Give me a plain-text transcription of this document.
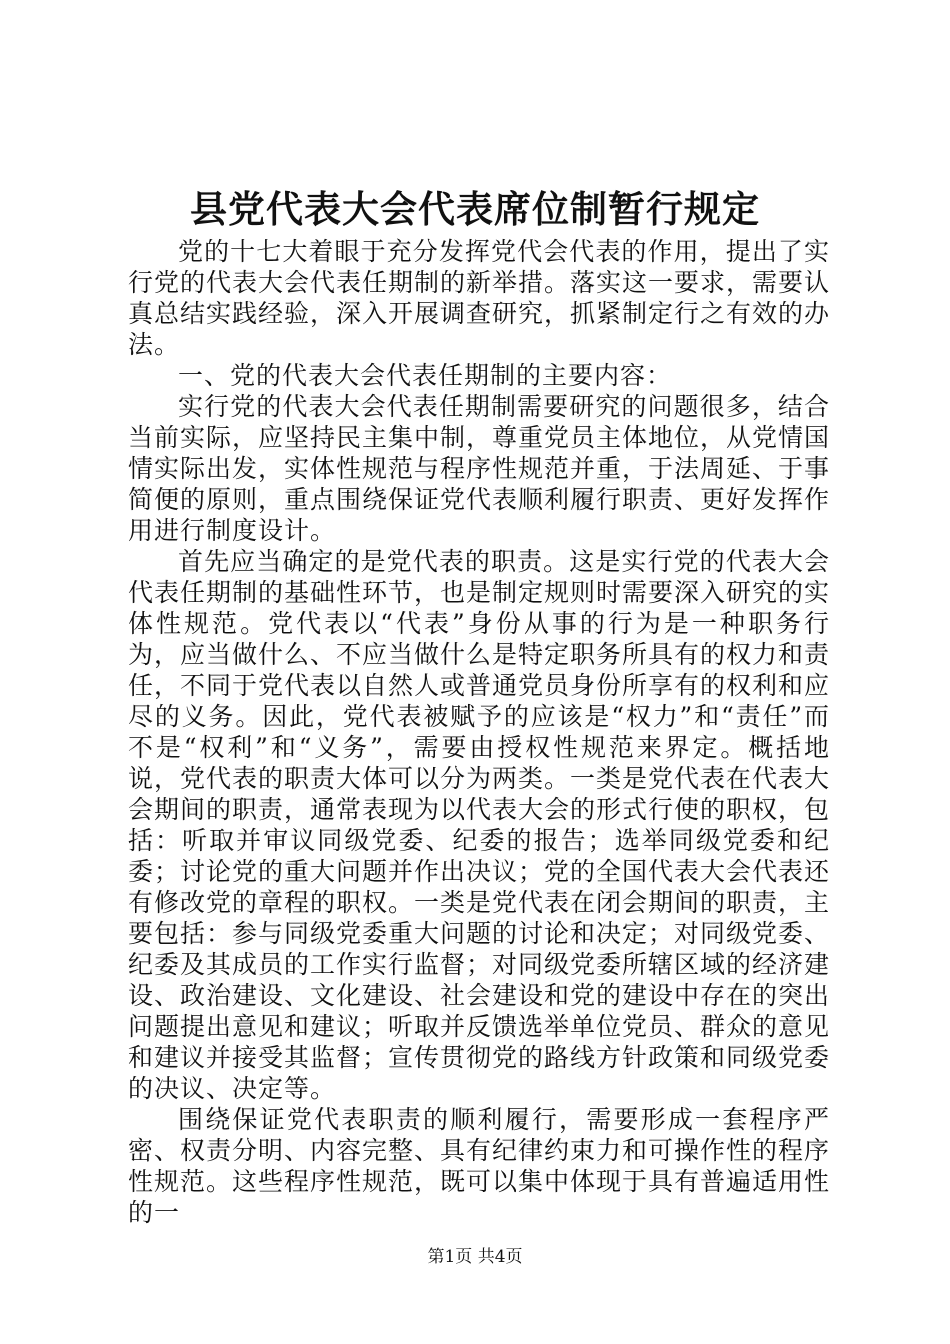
县党代表大会代表席位制暂行规定

党的十七大着眼于充分发挥党代会代表的作用，提出了实行党的代表大会代表任期制的新举措。落实这一要求，需要认真总结实践经验，深入开展调查研究，抓紧制定行之有效的办法。

一、党的代表大会代表任期制的主要内容：

实行党的代表大会代表任期制需要研究的问题很多，结合当前实际，应坚持民主集中制，尊重党员主体地位，从党情国情实际出发，实体性规范与程序性规范并重，于法周延、于事简便的原则，重点围绕保证党代表顺利履行职责、更好发挥作用进行制度设计。

首先应当确定的是党代表的职责。这是实行党的代表大会代表任期制的基础性环节，也是制定规则时需要深入研究的实体性规范。党代表以“代表”身份从事的行为是一种职务行为，应当做什么、不应当做什么是特定职务所具有的权力和责任，不同于党代表以自然人或普通党员身份所享有的权利和应尽的义务。因此，党代表被赋予的应该是“权力”和“责任”而不是“权利”和“义务”，需要由授权性规范来界定。概括地说，党代表的职责大体可以分为两类。一类是党代表在代表大会期间的职责，通常表现为以代表大会的形式行使的职权，包括：听取并审议同级党委、纪委的报告；选举同级党委和纪委；讨论党的重大问题并作出决议；党的全国代表大会代表还有修改党的章程的职权。一类是党代表在闭会期间的职责，主要包括：参与同级党委重大问题的讨论和决定；对同级党委、纪委及其成员的工作实行监督；对同级党委所辖区域的经济建设、政治建设、文化建设、社会建设和党的建设中存在的突出问题提出意见和建议；听取并反馈选举单位党员、群众的意见和建议并接受其监督；宣传贯彻党的路线方针政策和同级党委的决议、决定等。

围绕保证党代表职责的顺利履行，需要形成一套程序严密、权责分明、内容完整、具有纪律约束力和可操作性的程序性规范。这些程序性规范，既可以集中体现于具有普遍适用性的一

第1页 共4页
